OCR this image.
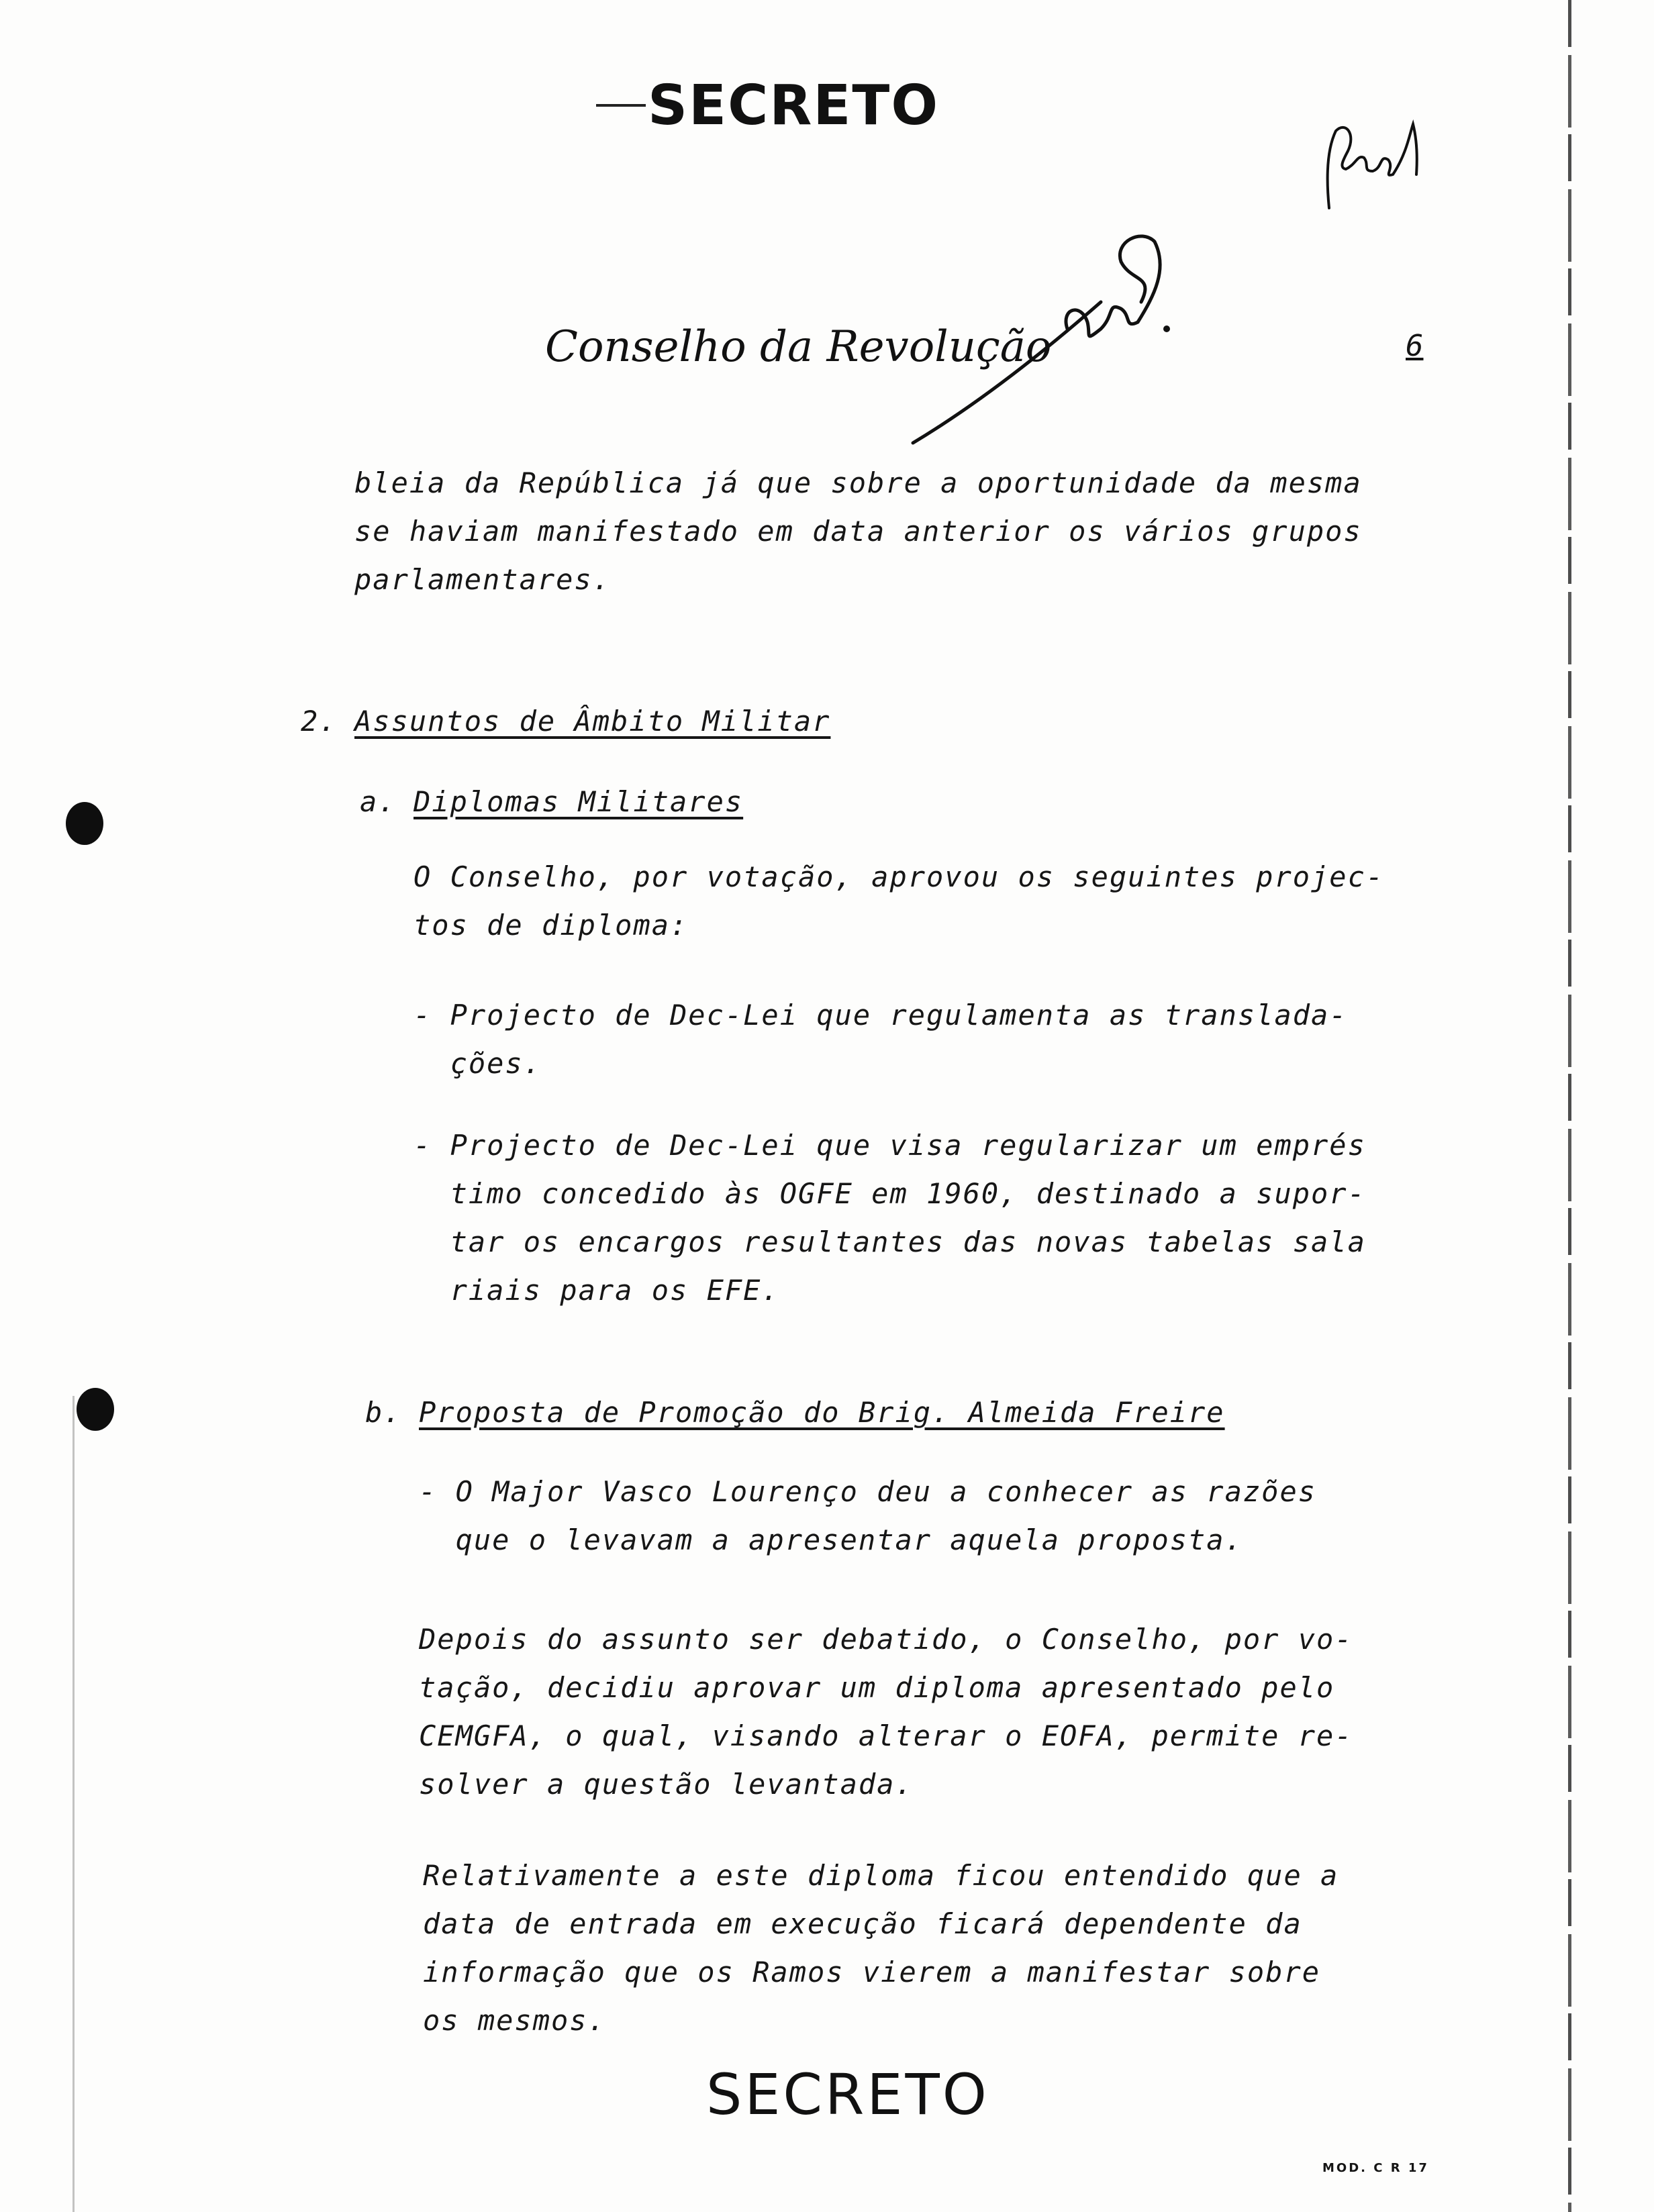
SECRETO
Conselho da Revolução	6
bleia da República já que sobre a oportunidade da mesma
se haviam manifestado em data anterior os vários grupos
parlamentares.
2. Assuntos de Âmbito Militar
a. Diplomas Militares
O Conselho, por votação, aprovou os seguintes projec-
tos de diploma:
- Projecto de Dec-Lei que regulamenta as translada-
ções.
- Projecto de Dec-Lei que visa regularizar um emprés
timo concedido às OGFE em 1960, destinado a supor-
tar os encargos resultantes das novas tabelas sala
riais para os EFE.
b. Proposta de Promoção do Brig. Almeida Freire
- O Major Vasco Lourenço deu a conhecer as razões
que o levavam a apresentar aquela proposta.
Depois do assunto ser debatido, o Conselho, por vo-
tação, decidiu aprovar um diploma apresentado pelo
CEMGFA, o qual, visando alterar o EOFA, permite re-
solver a questão levantada.
Relativamente a este diploma ficou entendido que a
data de entrada em execução ficará dependente da
informação que os Ramos vierem a manifestar sobre
os mesmos.
SECRETO
MOD. C R 17
